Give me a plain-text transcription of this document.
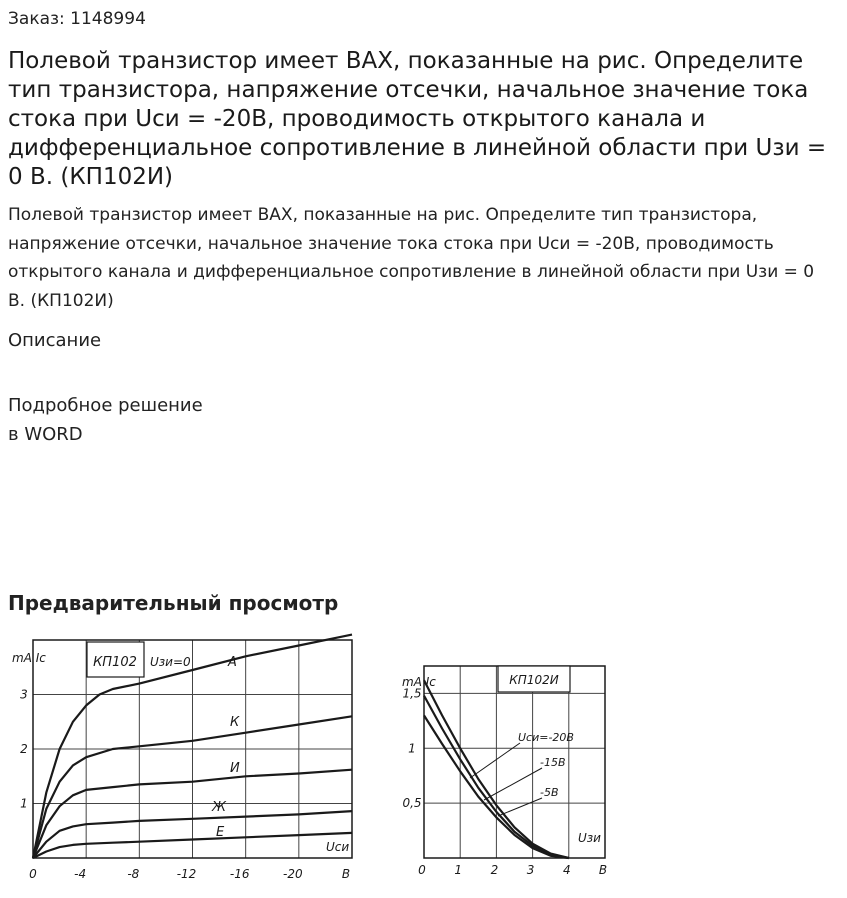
Заказ: 1148994
Полевой транзистор имеет ВАХ, показанные на рис. Определите тип транзистора, напряжение отсечки, начальное значение тока стока при Uси = -20В, проводимость открытого канала и дифференциальное сопротивление в линейной области при Uзи = 0 В. (КП102И)
Полевой транзистор имеет ВАХ, показанные на рис. Определите тип транзистора, напряжение отсечки, начальное значение тока стока при Uси = -20В, проводимость открытого канала и дифференциальное сопротивление в линейной области при Uзи = 0 В. (КП102И)
Описание
Подробное решение
в WORD
Предварительный просмотр
КП102 Uзи=0
mA Ic
Uси
0	-4	-8	-12	-16	-20	В
1
2
3
А
К
И
Ж
Е
КП102И
mA Ic
Uзи
0 1 2 3 4 В
0,5
1
1,5
Uси=-20В
-15В
-5В
